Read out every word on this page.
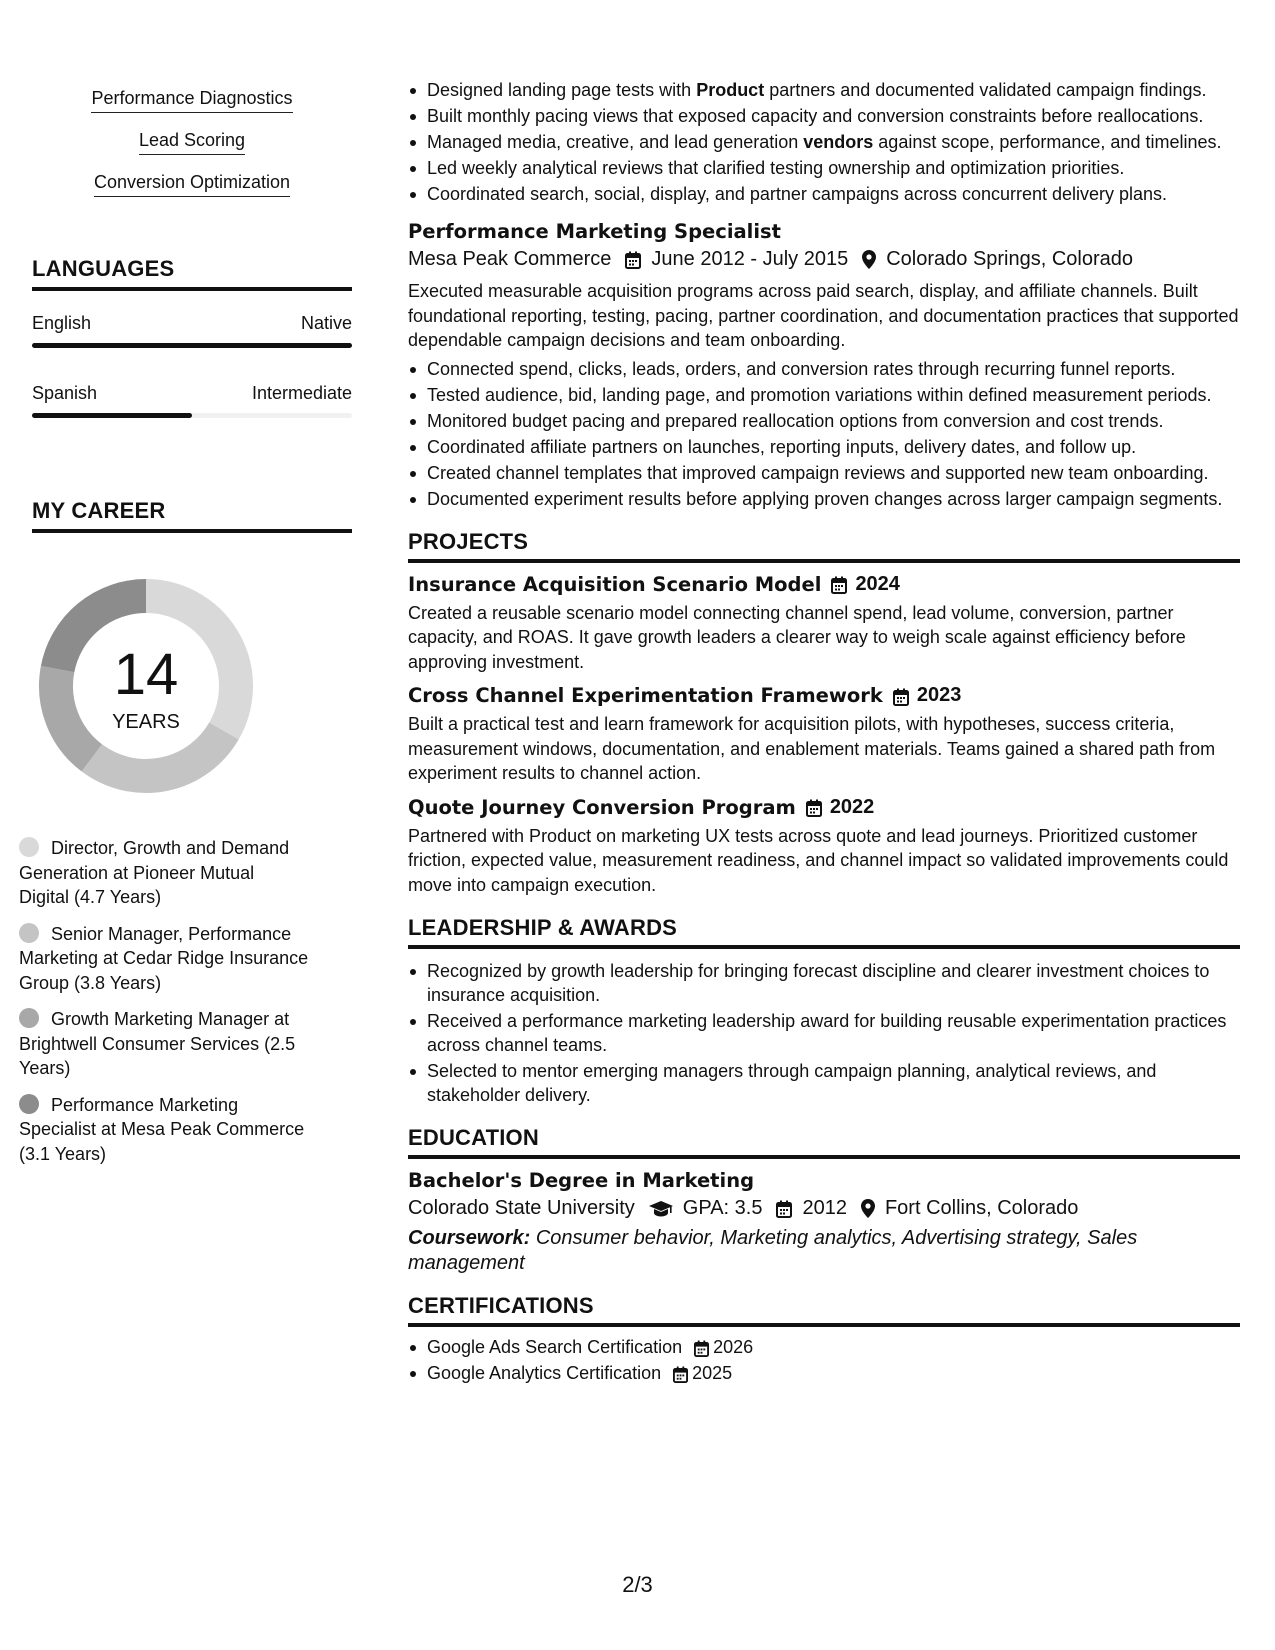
Performance Diagnostics
Lead Scoring
Conversion Optimization
LANGUAGES
English	Native
Spanish	Intermediate
MY CAREER
14
YEARS
Director, Growth and Demand Generation at Pioneer Mutual Digital (4.7 Years)
Senior Manager, Performance Marketing at Cedar Ridge Insurance Group (3.8 Years)
Growth Marketing Manager at Brightwell Consumer Services (2.5 Years)
Performance Marketing Specialist at Mesa Peak Commerce (3.1 Years)
Designed landing page tests with Product partners and documented validated campaign findings.
Built monthly pacing views that exposed capacity and conversion constraints before reallocations.
Managed media, creative, and lead generation vendors against scope, performance, and timelines.
Led weekly analytical reviews that clarified testing ownership and optimization priorities.
Coordinated search, social, display, and partner campaigns across concurrent delivery plans.
Performance Marketing Specialist
Mesa Peak Commerce June 2012 - July 2015 Colorado Springs, Colorado
Executed measurable acquisition programs across paid search, display, and affiliate channels. Built foundational reporting, testing, pacing, partner coordination, and documentation practices that supported dependable campaign decisions and team onboarding.
Connected spend, clicks, leads, orders, and conversion rates through recurring funnel reports.
Tested audience, bid, landing page, and promotion variations within defined measurement periods.
Monitored budget pacing and prepared reallocation options from conversion and cost trends.
Coordinated affiliate partners on launches, reporting inputs, delivery dates, and follow up.
Created channel templates that improved campaign reviews and supported new team onboarding.
Documented experiment results before applying proven changes across larger campaign segments.
PROJECTS
Insurance Acquisition Scenario Model 2024
Created a reusable scenario model connecting channel spend, lead volume, conversion, partner capacity, and ROAS. It gave growth leaders a clearer way to weigh scale against efficiency before approving investment.
Cross Channel Experimentation Framework 2023
Built a practical test and learn framework for acquisition pilots, with hypotheses, success criteria, measurement windows, documentation, and enablement materials. Teams gained a shared path from experiment results to channel action.
Quote Journey Conversion Program 2022
Partnered with Product on marketing UX tests across quote and lead journeys. Prioritized customer friction, expected value, measurement readiness, and channel impact so validated improvements could move into campaign execution.
LEADERSHIP & AWARDS
Recognized by growth leadership for bringing forecast discipline and clearer investment choices to insurance acquisition.
Received a performance marketing leadership award for building reusable experimentation practices across channel teams.
Selected to mentor emerging managers through campaign planning, analytical reviews, and stakeholder delivery.
EDUCATION
Bachelor's Degree in Marketing
Colorado State University GPA: 3.5 2012 Fort Collins, Colorado
Coursework: Consumer behavior, Marketing analytics, Advertising strategy, Sales management
CERTIFICATIONS
Google Ads Search Certification 2026
Google Analytics Certification 2025
2/3
